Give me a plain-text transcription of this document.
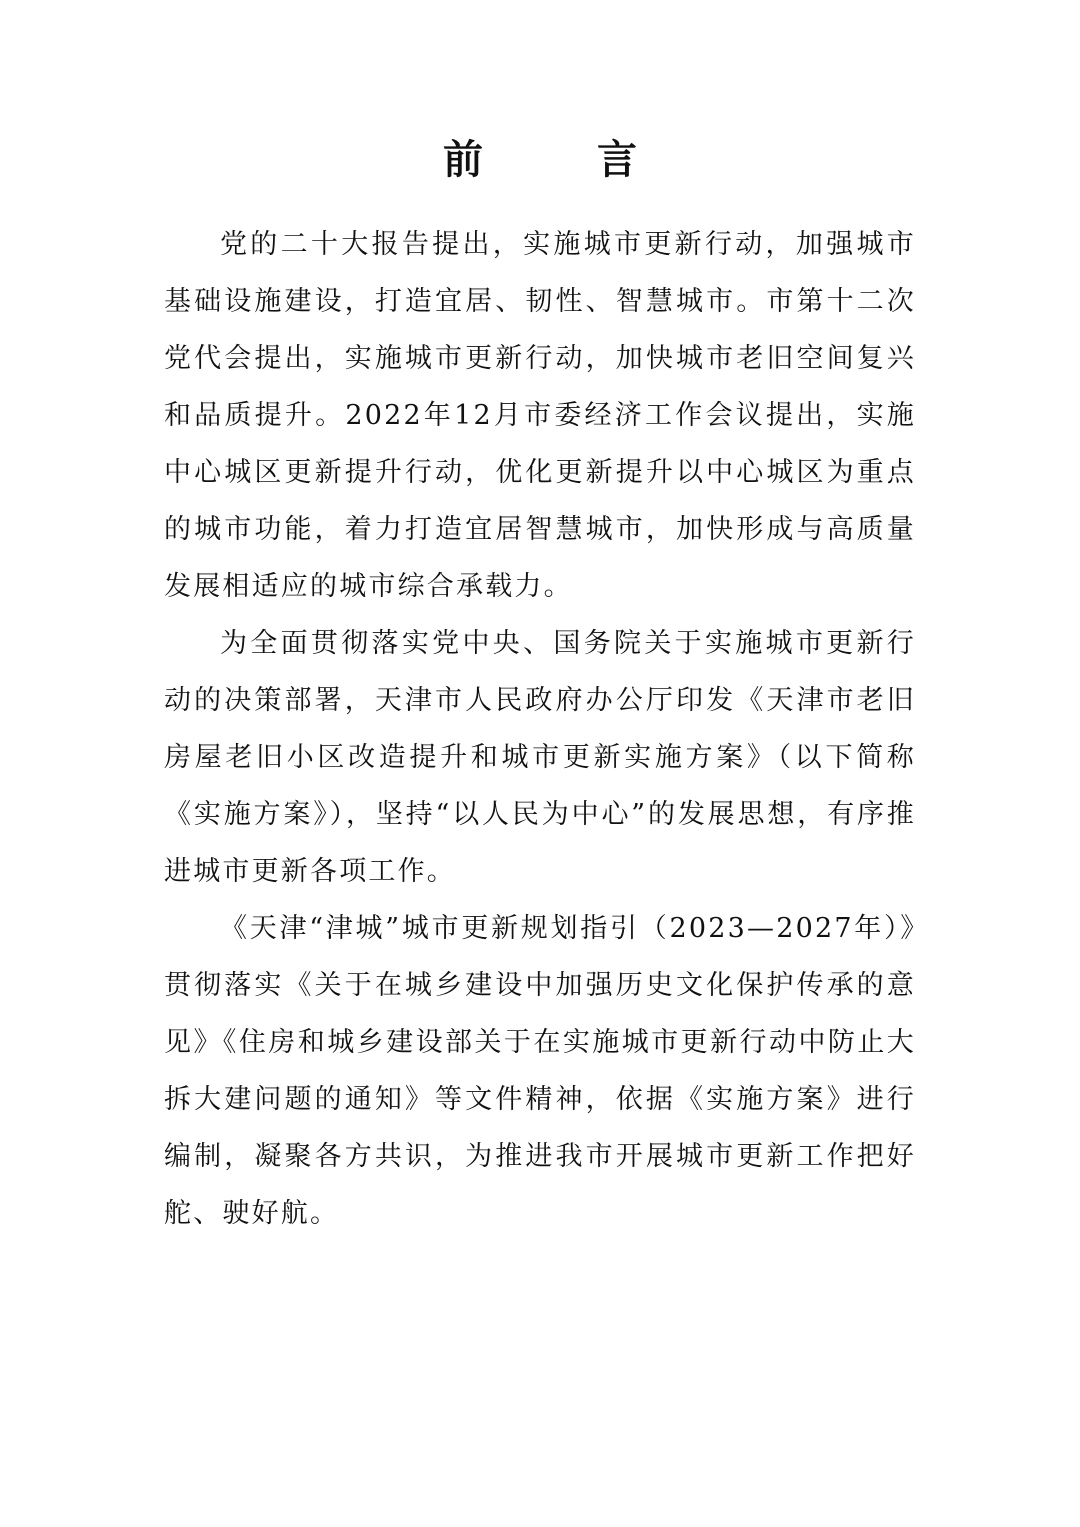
前 言

党的二十大报告提出，实施城市更新行动，加强城市基础设施建设，打造宜居、韧性、智慧城市。市第十二次党代会提出，实施城市更新行动，加快城市老旧空间复兴和品质提升。2022年12月市委经济工作会议提出，实施中心城区更新提升行动，优化更新提升以中心城区为重点的城市功能，着力打造宜居智慧城市，加快形成与高质量发展相适应的城市综合承载力。

为全面贯彻落实党中央、国务院关于实施城市更新行动的决策部署，天津市人民政府办公厅印发《天津市老旧房屋老旧小区改造提升和城市更新实施方案》（以下简称《实施方案》），坚持“以人民为中心”的发展思想，有序推进城市更新各项工作。

《天津“津城”城市更新规划指引（2023—2027年）》贯彻落实《关于在城乡建设中加强历史文化保护传承的意见》《住房和城乡建设部关于在实施城市更新行动中防止大拆大建问题的通知》等文件精神，依据《实施方案》进行编制，凝聚各方共识，为推进我市开展城市更新工作把好舵、驶好航。
